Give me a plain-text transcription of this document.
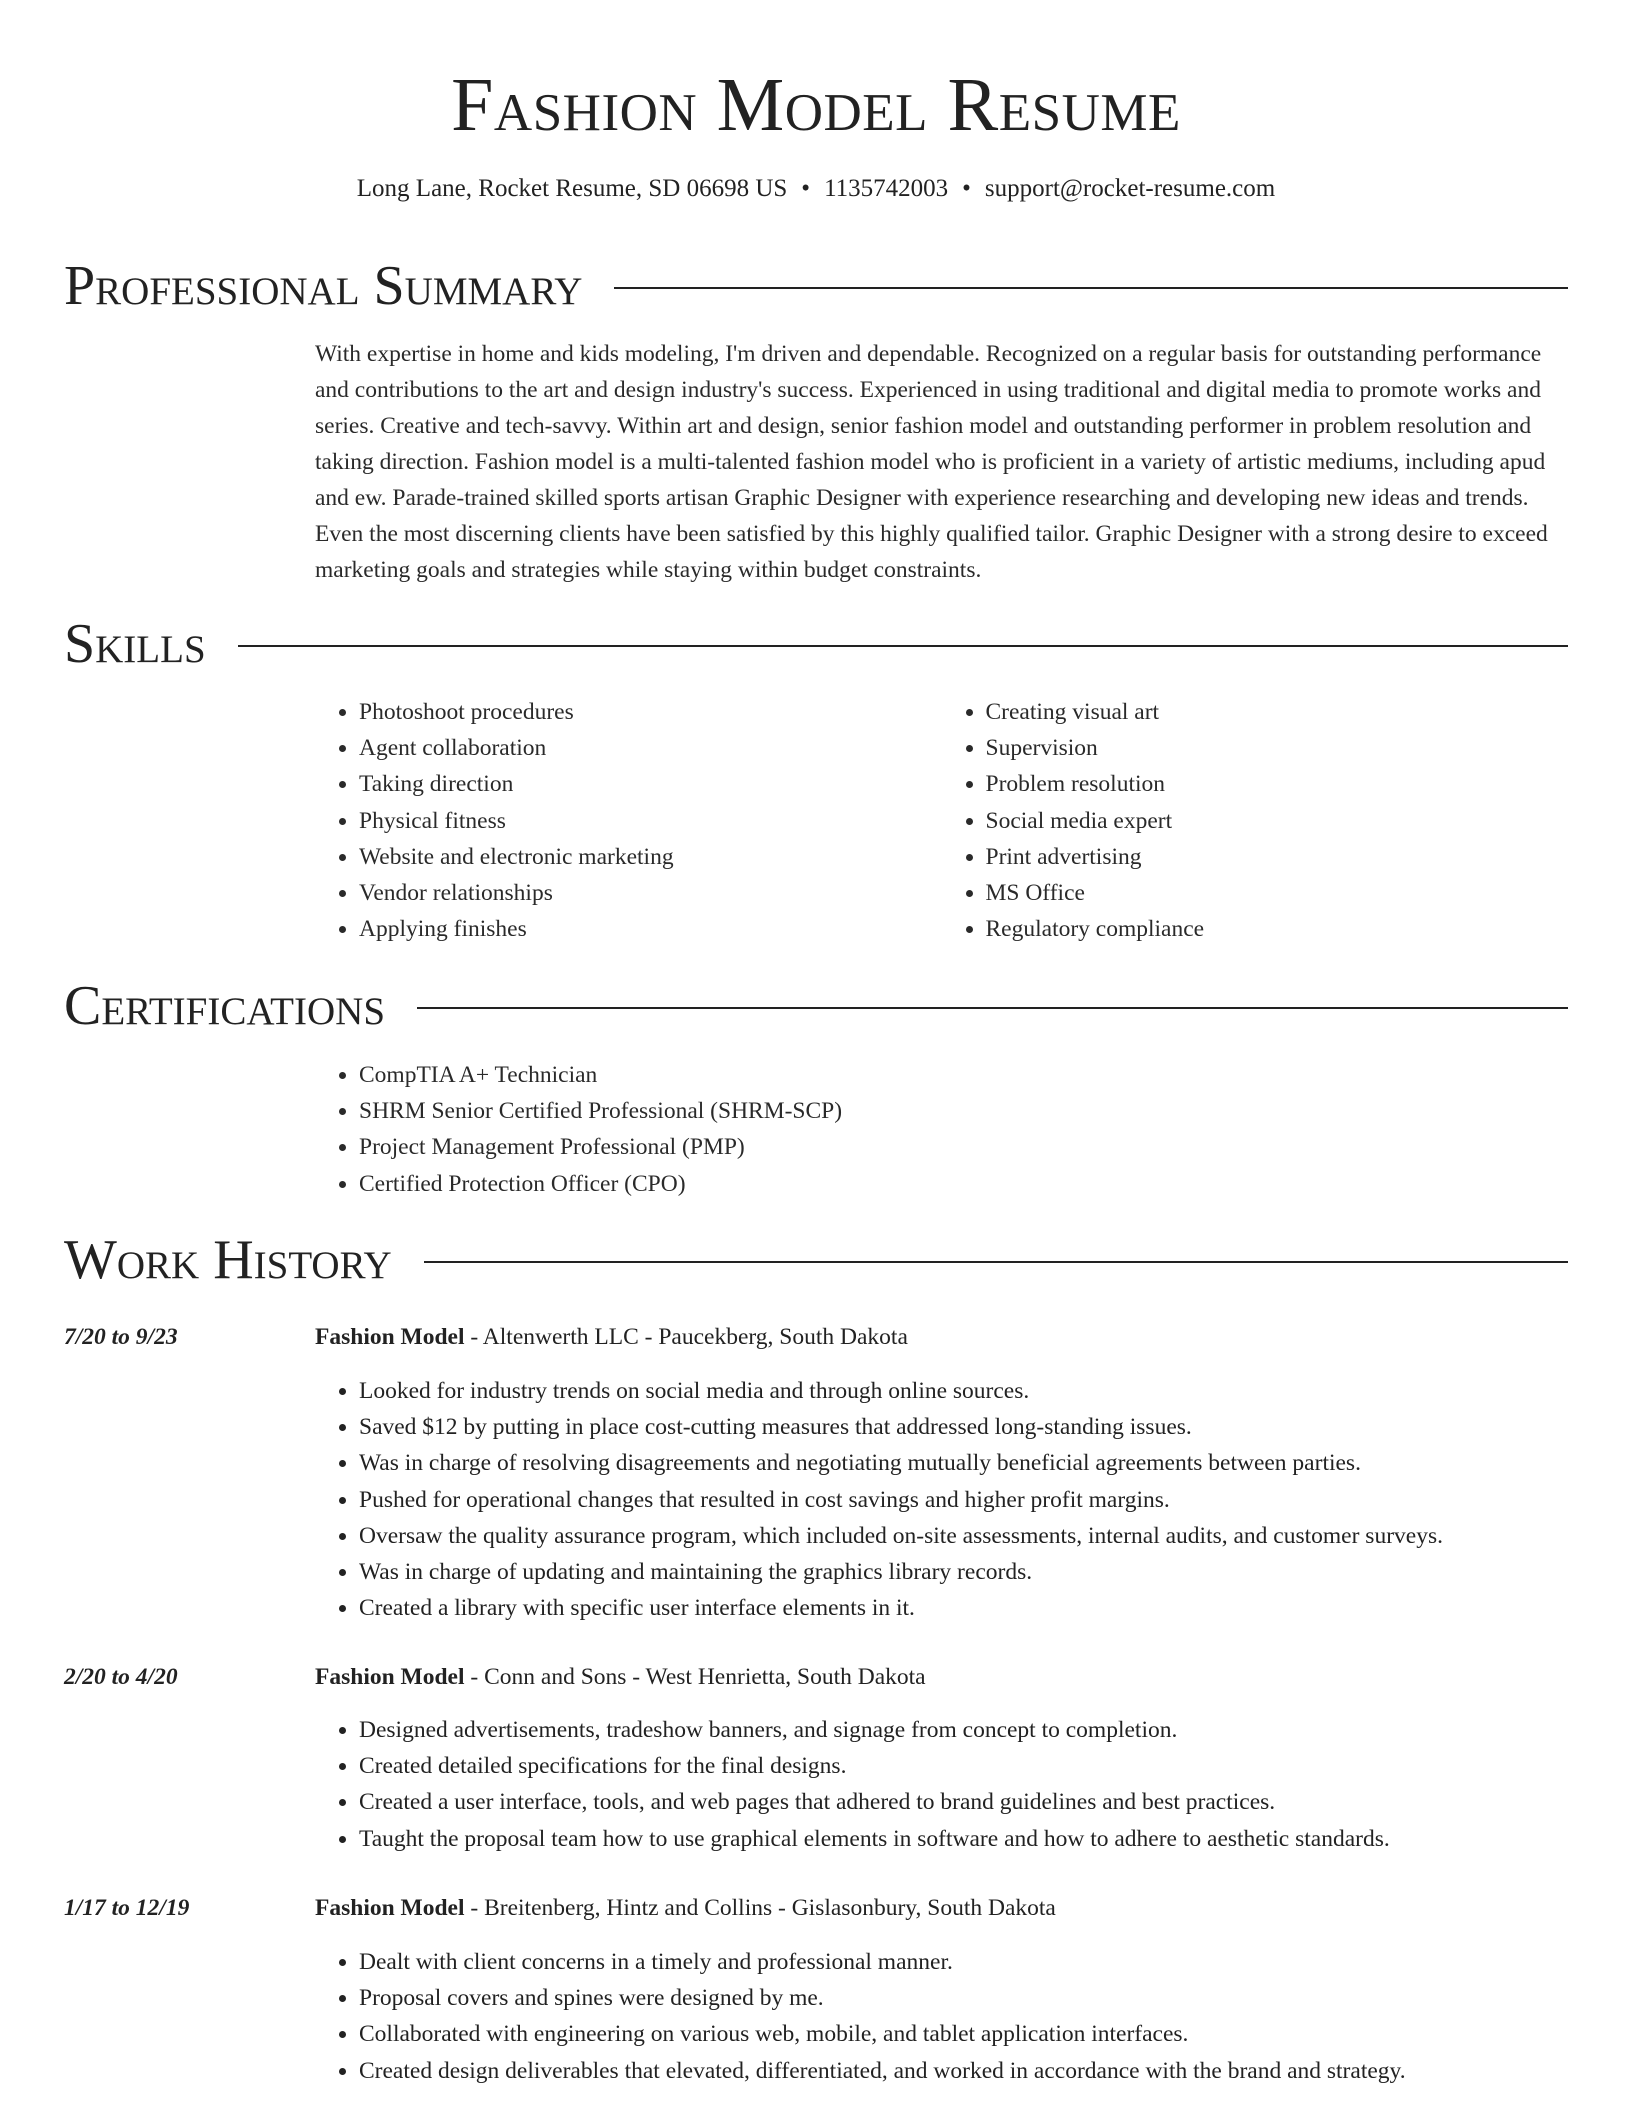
Fashion Model Resume
Long Lane, Rocket Resume, SD 06698 US • 1135742003 • support@rocket-resume.com
Professional Summary
With expertise in home and kids modeling, I'm driven and dependable. Recognized on a regular basis for outstanding performance and contributions to the art and design industry's success. Experienced in using traditional and digital media to promote works and series. Creative and tech-savvy. Within art and design, senior fashion model and outstanding performer in problem resolution and taking direction. Fashion model is a multi-talented fashion model who is proficient in a variety of artistic mediums, including apud and ew. Parade-trained skilled sports artisan Graphic Designer with experience researching and developing new ideas and trends. Even the most discerning clients have been satisfied by this highly qualified tailor. Graphic Designer with a strong desire to exceed marketing goals and strategies while staying within budget constraints.
Skills
• Photoshoot procedures
• Agent collaboration
• Taking direction
• Physical fitness
• Website and electronic marketing
• Vendor relationships
• Applying finishes
• Creating visual art
• Supervision
• Problem resolution
• Social media expert
• Print advertising
• MS Office
• Regulatory compliance
Certifications
• CompTIA A+ Technician
• SHRM Senior Certified Professional (SHRM-SCP)
• Project Management Professional (PMP)
• Certified Protection Officer (CPO)
Work History
7/20 to 9/23	Fashion Model - Altenwerth LLC - Paucekberg, South Dakota
• Looked for industry trends on social media and through online sources.
• Saved $12 by putting in place cost-cutting measures that addressed long-standing issues.
• Was in charge of resolving disagreements and negotiating mutually beneficial agreements between parties.
• Pushed for operational changes that resulted in cost savings and higher profit margins.
• Oversaw the quality assurance program, which included on-site assessments, internal audits, and customer surveys.
• Was in charge of updating and maintaining the graphics library records.
• Created a library with specific user interface elements in it.
2/20 to 4/20	Fashion Model - Conn and Sons - West Henrietta, South Dakota
• Designed advertisements, tradeshow banners, and signage from concept to completion.
• Created detailed specifications for the final designs.
• Created a user interface, tools, and web pages that adhered to brand guidelines and best practices.
• Taught the proposal team how to use graphical elements in software and how to adhere to aesthetic standards.
1/17 to 12/19	Fashion Model - Breitenberg, Hintz and Collins - Gislasonbury, South Dakota
• Dealt with client concerns in a timely and professional manner.
• Proposal covers and spines were designed by me.
• Collaborated with engineering on various web, mobile, and tablet application interfaces.
• Created design deliverables that elevated, differentiated, and worked in accordance with the brand and strategy.
